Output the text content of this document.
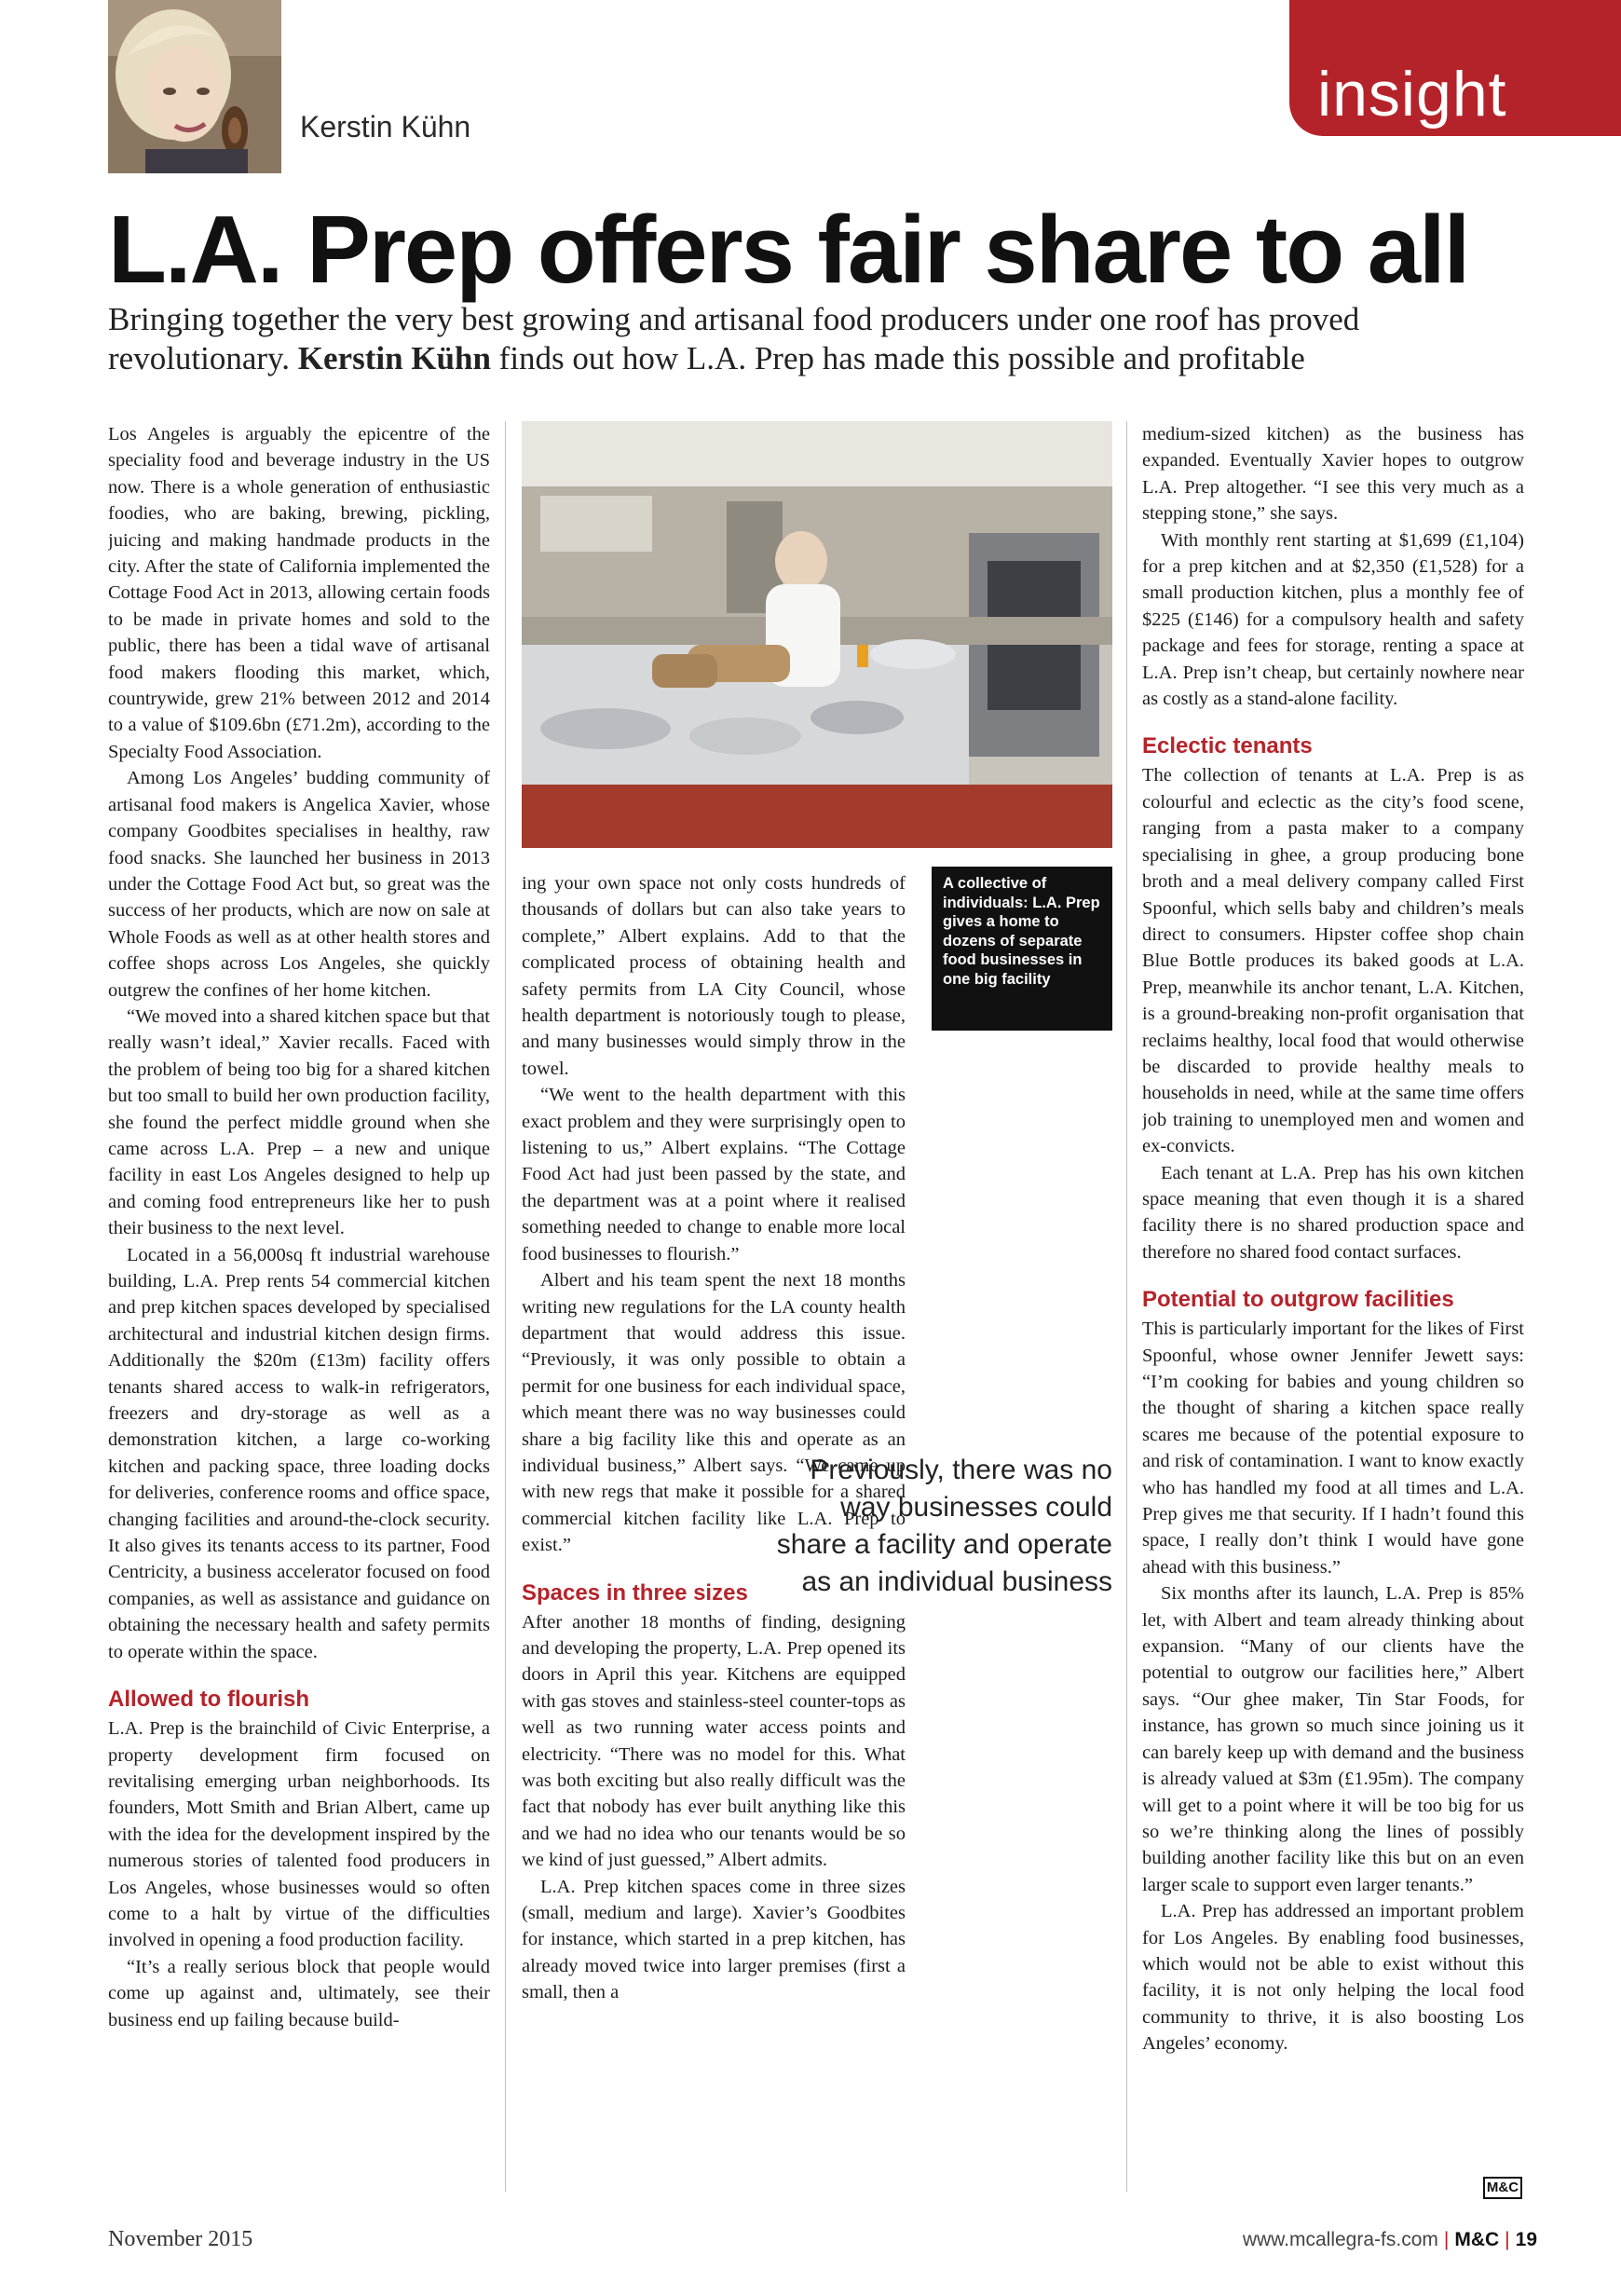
Kerstin Kühn	insight
L.A. Prep offers fair share to all
Bringing together the very best growing and artisanal food producers under one roof has proved revolutionary. Kerstin Kühn finds out how L.A. Prep has made this possible and profitable

Los Angeles is arguably the epicentre of the speciality food and beverage industry in the US now. There is a whole generation of enthusiastic foodies, who are baking, brewing, pickling, juicing and making handmade products in the city. After the state of California implemented the Cottage Food Act in 2013, allowing certain foods to be made in private homes and sold to the public, there has been a tidal wave of artisanal food makers flooding this market, which, countrywide, grew 21% between 2012 and 2014 to a value of $109.6bn (£71.2m), according to the Specialty Food Association.

Among Los Angeles’ budding community of artisanal food makers is Angelica Xavier, whose company Goodbites specialises in healthy, raw food snacks. She launched her business in 2013 under the Cottage Food Act but, so great was the success of her products, which are now on sale at Whole Foods as well as at other health stores and coffee shops across Los Angeles, she quickly outgrew the confines of her home kitchen.

“We moved into a shared kitchen space but that really wasn’t ideal,” Xavier recalls. Faced with the problem of being too big for a shared kitchen but too small to build her own production facility, she found the perfect middle ground when she came across L.A. Prep – a new and unique facility in east Los Angeles designed to help up and coming food entrepreneurs like her to push their business to the next level.

Located in a 56,000sq ft industrial warehouse building, L.A. Prep rents 54 commercial kitchen and prep kitchen spaces developed by specialised architectural and industrial kitchen design firms. Additionally the $20m (£13m) facility offers tenants shared access to walk-in refrigerators, freezers and dry-storage as well as a demonstration kitchen, a large co-working kitchen and packing space, three loading docks for deliveries, conference rooms and office space, changing facilities and around-the-clock security. It also gives its tenants access to its partner, Food Centricity, a business accelerator focused on food companies, as well as assistance and guidance on obtaining the necessary health and safety permits to operate within the space.

Allowed to flourish

L.A. Prep is the brainchild of Civic Enterprise, a property development firm focused on revitalising emerging urban neighborhoods. Its founders, Mott Smith and Brian Albert, came up with the idea for the development inspired by the numerous stories of talented food producers in Los Angeles, whose businesses would so often come to a halt by virtue of the difficulties involved in opening a food production facility.

“It’s a really serious block that people would come up against and, ultimately, see their business end up failing because build-

A collective of individuals: L.A. Prep gives a home to dozens of separate food businesses in one big facility

ing your own space not only costs hundreds of thousands of dollars but can also take years to complete,” Albert explains. Add to that the complicated process of obtaining health and safety permits from LA City Council, whose health department is notoriously tough to please, and many businesses would simply throw in the towel.

“We went to the health department with this exact problem and they were surprisingly open to listening to us,” Albert explains. “The Cottage Food Act had just been passed by the state, and the department was at a point where it realised something needed to change to enable more local food businesses to flourish.”

Albert and his team spent the next 18 months writing new regulations for the LA county health department that would address this issue. “Previously, it was only possible to obtain a permit for one business for each individual space, which meant there was no way businesses could share a big facility like this and operate as an individual business,” Albert says. “We came up with new regs that make it possible for a shared commercial kitchen facility like L.A. Prep to exist.”

Spaces in three sizes

After another 18 months of finding, designing and developing the property, L.A. Prep opened its doors in April this year. Kitchens are equipped with gas stoves and stainless-steel counter-tops as well as two running water access points and electricity. “There was no model for this. What was both exciting but also really difficult was the fact that nobody has ever built anything like this and we had no idea who our tenants would be so we kind of just guessed,” Albert admits.

L.A. Prep kitchen spaces come in three sizes (small, medium and large). Xavier’s Goodbites for instance, which started in a prep kitchen, has already moved twice into larger premises (first a small, then a

Previously, there was no way businesses could share a facility and operate as an individual business

medium-sized kitchen) as the business has expanded. Eventually Xavier hopes to outgrow L.A. Prep altogether. “I see this very much as a stepping stone,” she says.

With monthly rent starting at $1,699 (£1,104) for a prep kitchen and at $2,350 (£1,528) for a small production kitchen, plus a monthly fee of $225 (£146) for a compulsory health and safety package and fees for storage, renting a space at L.A. Prep isn’t cheap, but certainly nowhere near as costly as a stand-alone facility.

Eclectic tenants

The collection of tenants at L.A. Prep is as colourful and eclectic as the city’s food scene, ranging from a pasta maker to a company specialising in ghee, a group producing bone broth and a meal delivery company called First Spoonful, which sells baby and children’s meals direct to consumers. Hipster coffee shop chain Blue Bottle produces its baked goods at L.A. Prep, meanwhile its anchor tenant, L.A. Kitchen, is a ground-breaking non-profit organisation that reclaims healthy, local food that would otherwise be discarded to provide healthy meals to households in need, while at the same time offers job training to unemployed men and women and ex-convicts.

Each tenant at L.A. Prep has his own kitchen space meaning that even though it is a shared facility there is no shared production space and therefore no shared food contact surfaces.

Potential to outgrow facilities

This is particularly important for the likes of First Spoonful, whose owner Jennifer Jewett says: “I’m cooking for babies and young children so the thought of sharing a kitchen space really scares me because of the potential exposure to and risk of contamination. I want to know exactly who has handled my food at all times and L.A. Prep gives me that security. If I hadn’t found this space, I really don’t think I would have gone ahead with this business.”

Six months after its launch, L.A. Prep is 85% let, with Albert and team already thinking about expansion. “Many of our clients have the potential to outgrow our facilities here,” Albert says. “Our ghee maker, Tin Star Foods, for instance, has grown so much since joining us it can barely keep up with demand and the business is already valued at $3m (£1.95m). The company will get to a point where it will be too big for us so we’re thinking along the lines of possibly building another facility like this but on an even larger scale to support even larger tenants.”

L.A. Prep has addressed an important problem for Los Angeles. By enabling food businesses, which would not be able to exist without this facility, it is not only helping the local food community to thrive, it is also boosting Los Angeles’ economy.

M&C
November 2015	www.mcallegra-fs.com | M&C | 19
